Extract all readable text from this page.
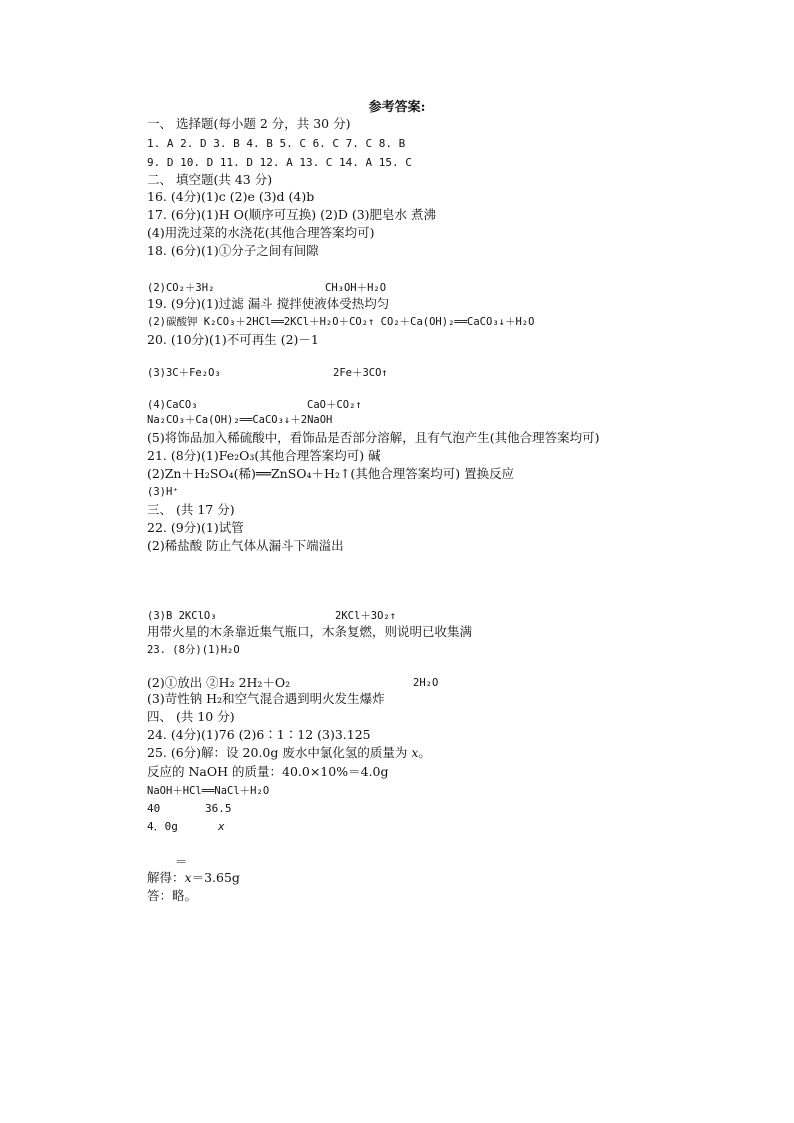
参考答案:
一、 选择题(每小题 2 分，共 30 分)
1. A 2. D 3. B 4. B 5. C 6. C 7. C 8. B
9. D 10. D 11. D 12. A 13. C 14. A 15. C
二、 填空题(共 43 分)
16. (4分)(1)c (2)e (3)d (4)b
17. (6分)(1)H O(顺序可互换) (2)D (3)肥皂水 煮沸
(4)用洗过菜的水浇花(其他合理答案均可)
18. (6分)(1)①分子之间有间隙
(2)CO₂＋3H₂	CH₃OH＋H₂O
19. (9分)(1)过滤 漏斗 搅拌使液体受热均匀
(2)碳酸钾 K₂CO₃＋2HCl══2KCl＋H₂O＋CO₂↑ CO₂＋Ca(OH)₂══CaCO₃↓＋H₂O
20. (10分)(1)不可再生 (2)－1
(3)3C＋Fe₂O₃	2Fe＋3CO↑
(4)CaCO₃	CaO＋CO₂↑
Na₂CO₃＋Ca(OH)₂══CaCO₃↓＋2NaOH
(5)将饰品加入稀硫酸中，看饰品是否部分溶解，且有气泡产生(其他合理答案均可)
21. (8分)(1)Fe₂O₃(其他合理答案均可) 碱
(2)Zn＋H₂SO₄(稀)══ZnSO₄＋H₂↑(其他合理答案均可) 置换反应
(3)H⁺
三、 (共 17 分)
22. (9分)(1)试管
(2)稀盐酸 防止气体从漏斗下端溢出
(3)B 2KClO₃	2KCl＋3O₂↑
用带火星的木条靠近集气瓶口，木条复燃，则说明已收集满
23. (8分)(1)H₂O
(2)①放出 ②H₂ 2H₂＋O₂	2H₂O
(3)苛性钠 H₂和空气混合遇到明火发生爆炸
四、 (共 10 分)
24. (4分)(1)76 (2)6∶1∶12 (3)3.125
25. (6分)解：设 20.0g 废水中氯化氢的质量为 x。
反应的 NaOH 的质量：40.0×10%＝4.0g
NaOH＋HCl══NaCl＋H₂O
40	36.5
4．0g	x
＝
解得：x＝3.65g
答：略。
